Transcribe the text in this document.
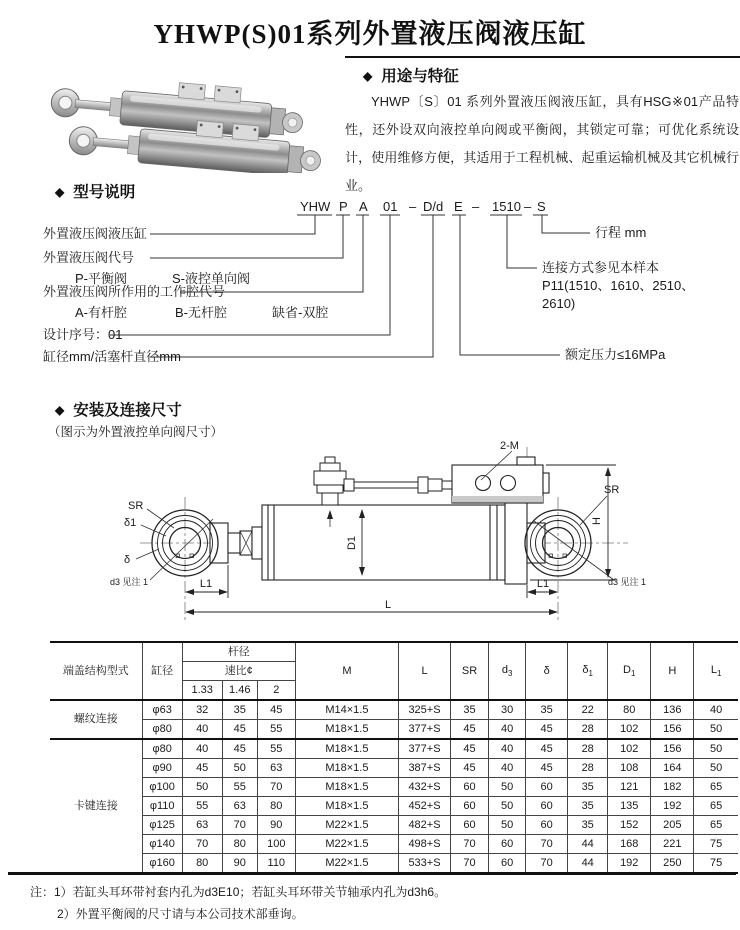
YHWP(S)01系列外置液压阀液压缸
◆ 用途与特征
YHWP〔S〕01 系列外置液压阀液压缸，具有HSG※01产品特性，还外设双向液控单向阀或平衡阀，其锁定可靠；可优化系统设计，使用维修方便，其适用于工程机械、起重运输机械及其它机械行业。
◆ 型号说明
YHW P A 01 – D/d E – 1510 – S
外置液压阀液压缸
外置液压阀代号
P-平衡阀	S-液控单向阀
外置液压阀所作用的工作腔代号
A-有杆腔	B-无杆腔	缺省-双腔
设计序号：01
缸径mm/活塞杆直径mm
行程 mm
连接方式参见本样本
P11(1510、1610、2510、
2610)
额定压力≤16MPa
◆ 安装及连接尺寸
（图示为外置液控单向阀尺寸）
SR
δ1
δ
d3 见注 1
2-M
SR
d3 见注 1
D1
H
L1	L1
L
端盖结构型式	缸径	杆径			M	L	SR	$d_3$	δ	$\delta_1$	$D_1$	H	$L_1$
		速比¢											
		1.33	1.46	2									
螺纹连接	φ63	32	35	45	M14×1.5	325+S	35	30	35	22	80	136	40
	φ80	40	45	55	M18×1.5	377+S	45	40	45	28	102	156	50
卡键连接	φ80	40	45	55	M18×1.5	377+S	45	40	45	28	102	156	50
	φ90	45	50	63	M18×1.5	387+S	45	40	45	28	108	164	50
	φ100	50	55	70	M18×1.5	432+S	60	50	60	35	121	182	65
	φ110	55	63	80	M18×1.5	452+S	60	50	60	35	135	192	65
	φ125	63	70	90	M22×1.5	482+S	60	50	60	35	152	205	65
	φ140	70	80	100	M22×1.5	498+S	70	60	70	44	168	221	75
	φ160	80	90	110	M22×1.5	533+S	70	60	70	44	192	250	75
注：1）若缸头耳环带衬套内孔为d3E10；若缸头耳环带关节轴承内孔为d3h6。
2）外置平衡阀的尺寸请与本公司技术部垂询。
